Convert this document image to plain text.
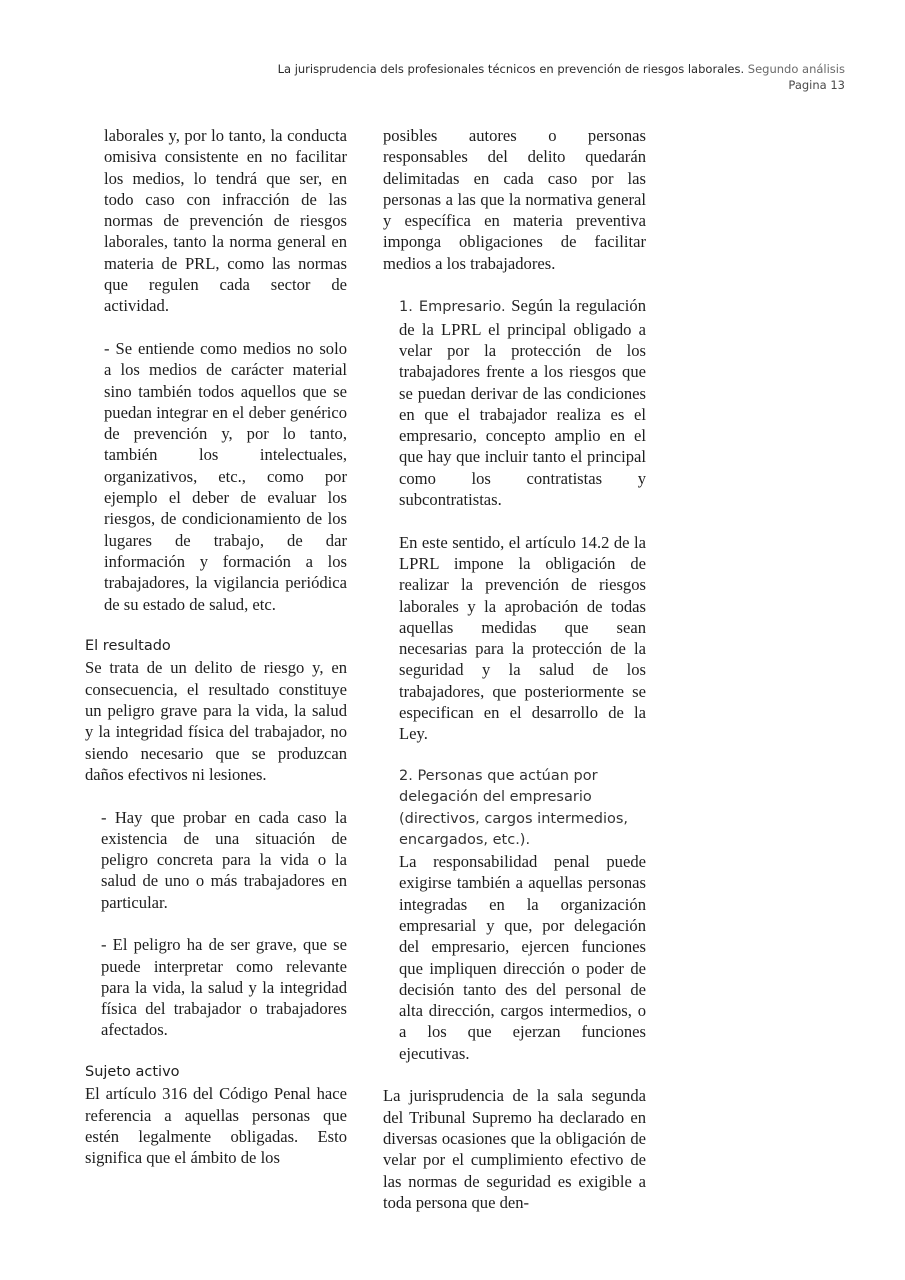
La jurisprudencia dels profesionales técnicos en prevención de riesgos laborales. Segundo análisis
Pagina 13

laborales y, por lo tanto, la conducta omisiva consistente en no facilitar los medios, lo tendrá que ser, en todo caso con infracción de las normas de prevención de riesgos laborales, tanto la norma general en materia de PRL, como las normas que regulen cada sector de actividad.

- Se entiende como medios no solo a los medios de carácter material sino también todos aquellos que se puedan integrar en el deber genérico de prevención y, por lo tanto, también los intelectuales, organizativos, etc., como por ejemplo el deber de evaluar los riesgos, de condicionamiento de los lugares de trabajo, de dar información y formación a los trabajadores, la vigilancia periódica de su estado de salud, etc.

El resultado

Se trata de un delito de riesgo y, en consecuencia, el resultado constituye un peligro grave para la vida, la salud y la integridad física del trabajador, no siendo necesario que se produzcan daños efectivos ni lesiones.

- Hay que probar en cada caso la existencia de una situación de peligro concreta para la vida o la salud de uno o más trabajadores en particular.

- El peligro ha de ser grave, que se puede interpretar como relevante para la vida, la salud y la integridad física del trabajador o trabajadores afectados.

Sujeto activo

El artículo 316 del Código Penal hace referencia a aquellas personas que estén legalmente obligadas. Esto significa que el ámbito de los

posibles autores o personas responsables del delito quedarán delimitadas en cada caso por las personas a las que la normativa general y específica en materia preventiva imponga obligaciones de facilitar medios a los trabajadores.

1. Empresario. Según la regulación de la LPRL el principal obligado a velar por la protección de los trabajadores frente a los riesgos que se puedan derivar de las condiciones en que el trabajador realiza es el empresario, concepto amplio en el que hay que incluir tanto el principal como los contratistas y subcontratistas.

En este sentido, el artículo 14.2 de la LPRL impone la obligación de realizar la prevención de riesgos laborales y la aprobación de todas aquellas medidas que sean necesarias para la protección de la seguridad y la salud de los trabajadores, que posteriormente se especifican en el desarrollo de la Ley.

2. Personas que actúan por delegación del empresario (directivos, cargos intermedios, encargados, etc.).

La responsabilidad penal puede exigirse también a aquellas personas integradas en la organización empresarial y que, por delegación del empresario, ejercen funciones que impliquen dirección o poder de decisión tanto des del personal de alta dirección, cargos intermedios, o a los que ejerzan funciones ejecutivas.

La jurisprudencia de la sala segunda del Tribunal Supremo ha declarado en diversas ocasiones que la obligación de velar por el cumplimiento efectivo de las normas de seguridad es exigible a toda persona que den-
